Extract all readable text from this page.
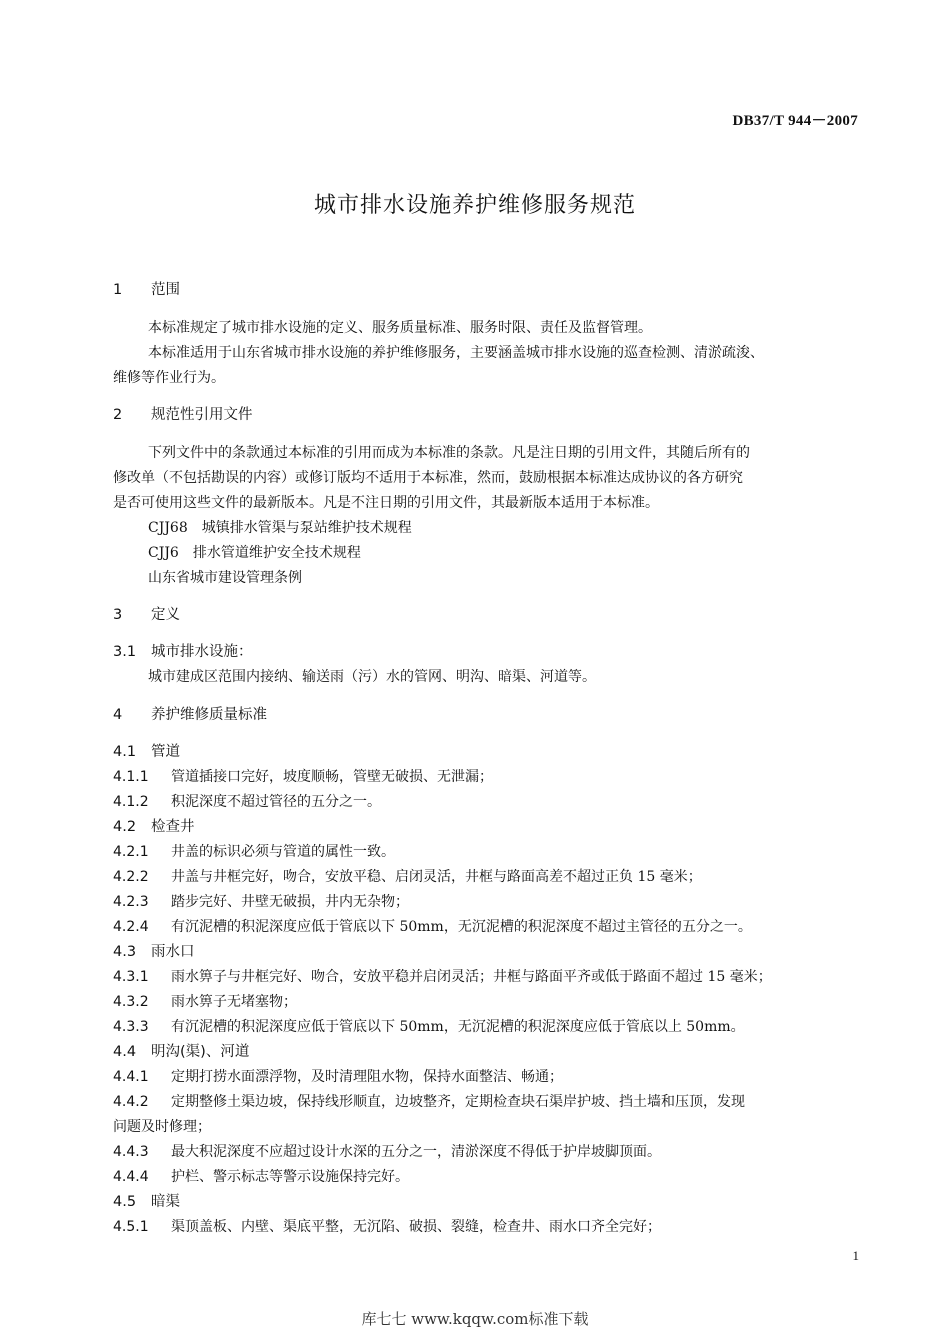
DB37/T 944－2007
城市排水设施养护维修服务规范
1 范围
本标准规定了城市排水设施的定义、服务质量标准、服务时限、责任及监督管理。
本标准适用于山东省城市排水设施的养护维修服务，主要涵盖城市排水设施的巡查检测、清淤疏浚、
维修等作业行为。
2 规范性引用文件
下列文件中的条款通过本标准的引用而成为本标准的条款。凡是注日期的引用文件，其随后所有的
修改单（不包括勘误的内容）或修订版均不适用于本标准，然而，鼓励根据本标准达成协议的各方研究
是否可使用这些文件的最新版本。凡是不注日期的引用文件，其最新版本适用于本标准。
CJJ68　城镇排水管渠与泵站维护技术规程
CJJ6　排水管道维护安全技术规程
山东省城市建设管理条例
3 定义
3.1 城市排水设施：
城市建成区范围内接纳、输送雨（污）水的管网、明沟、暗渠、河道等。
4 养护维修质量标准
4.1 管道
4.1.1 管道插接口完好，坡度顺畅，管壁无破损、无泄漏；
4.1.2 积泥深度不超过管径的五分之一。
4.2 检查井
4.2.1 井盖的标识必须与管道的属性一致。
4.2.2 井盖与井框完好，吻合，安放平稳、启闭灵活，井框与路面高差不超过正负 15 毫米；
4.2.3 踏步完好、井壁无破损，井内无杂物；
4.2.4 有沉泥槽的积泥深度应低于管底以下 50mm，无沉泥槽的积泥深度不超过主管径的五分之一。
4.3 雨水口
4.3.1 雨水箅子与井框完好、吻合，安放平稳并启闭灵活；井框与路面平齐或低于路面不超过 15 毫米；
4.3.2 雨水箅子无堵塞物；
4.3.3 有沉泥槽的积泥深度应低于管底以下 50mm，无沉泥槽的积泥深度应低于管底以上 50mm。
4.4 明沟(渠)、河道
4.4.1 定期打捞水面漂浮物，及时清理阻水物，保持水面整洁、畅通；
4.4.2 定期整修土渠边坡，保持线形顺直，边坡整齐，定期检查块石渠岸护坡、挡土墙和压顶，发现
问题及时修理；
4.4.3 最大积泥深度不应超过设计水深的五分之一，清淤深度不得低于护岸坡脚顶面。
4.4.4 护栏、警示标志等警示设施保持完好。
4.5 暗渠
4.5.1 渠顶盖板、内壁、渠底平整，无沉陷、破损、裂缝，检查井、雨水口齐全完好；
1
库七七 www.kqqw.com标准下载
